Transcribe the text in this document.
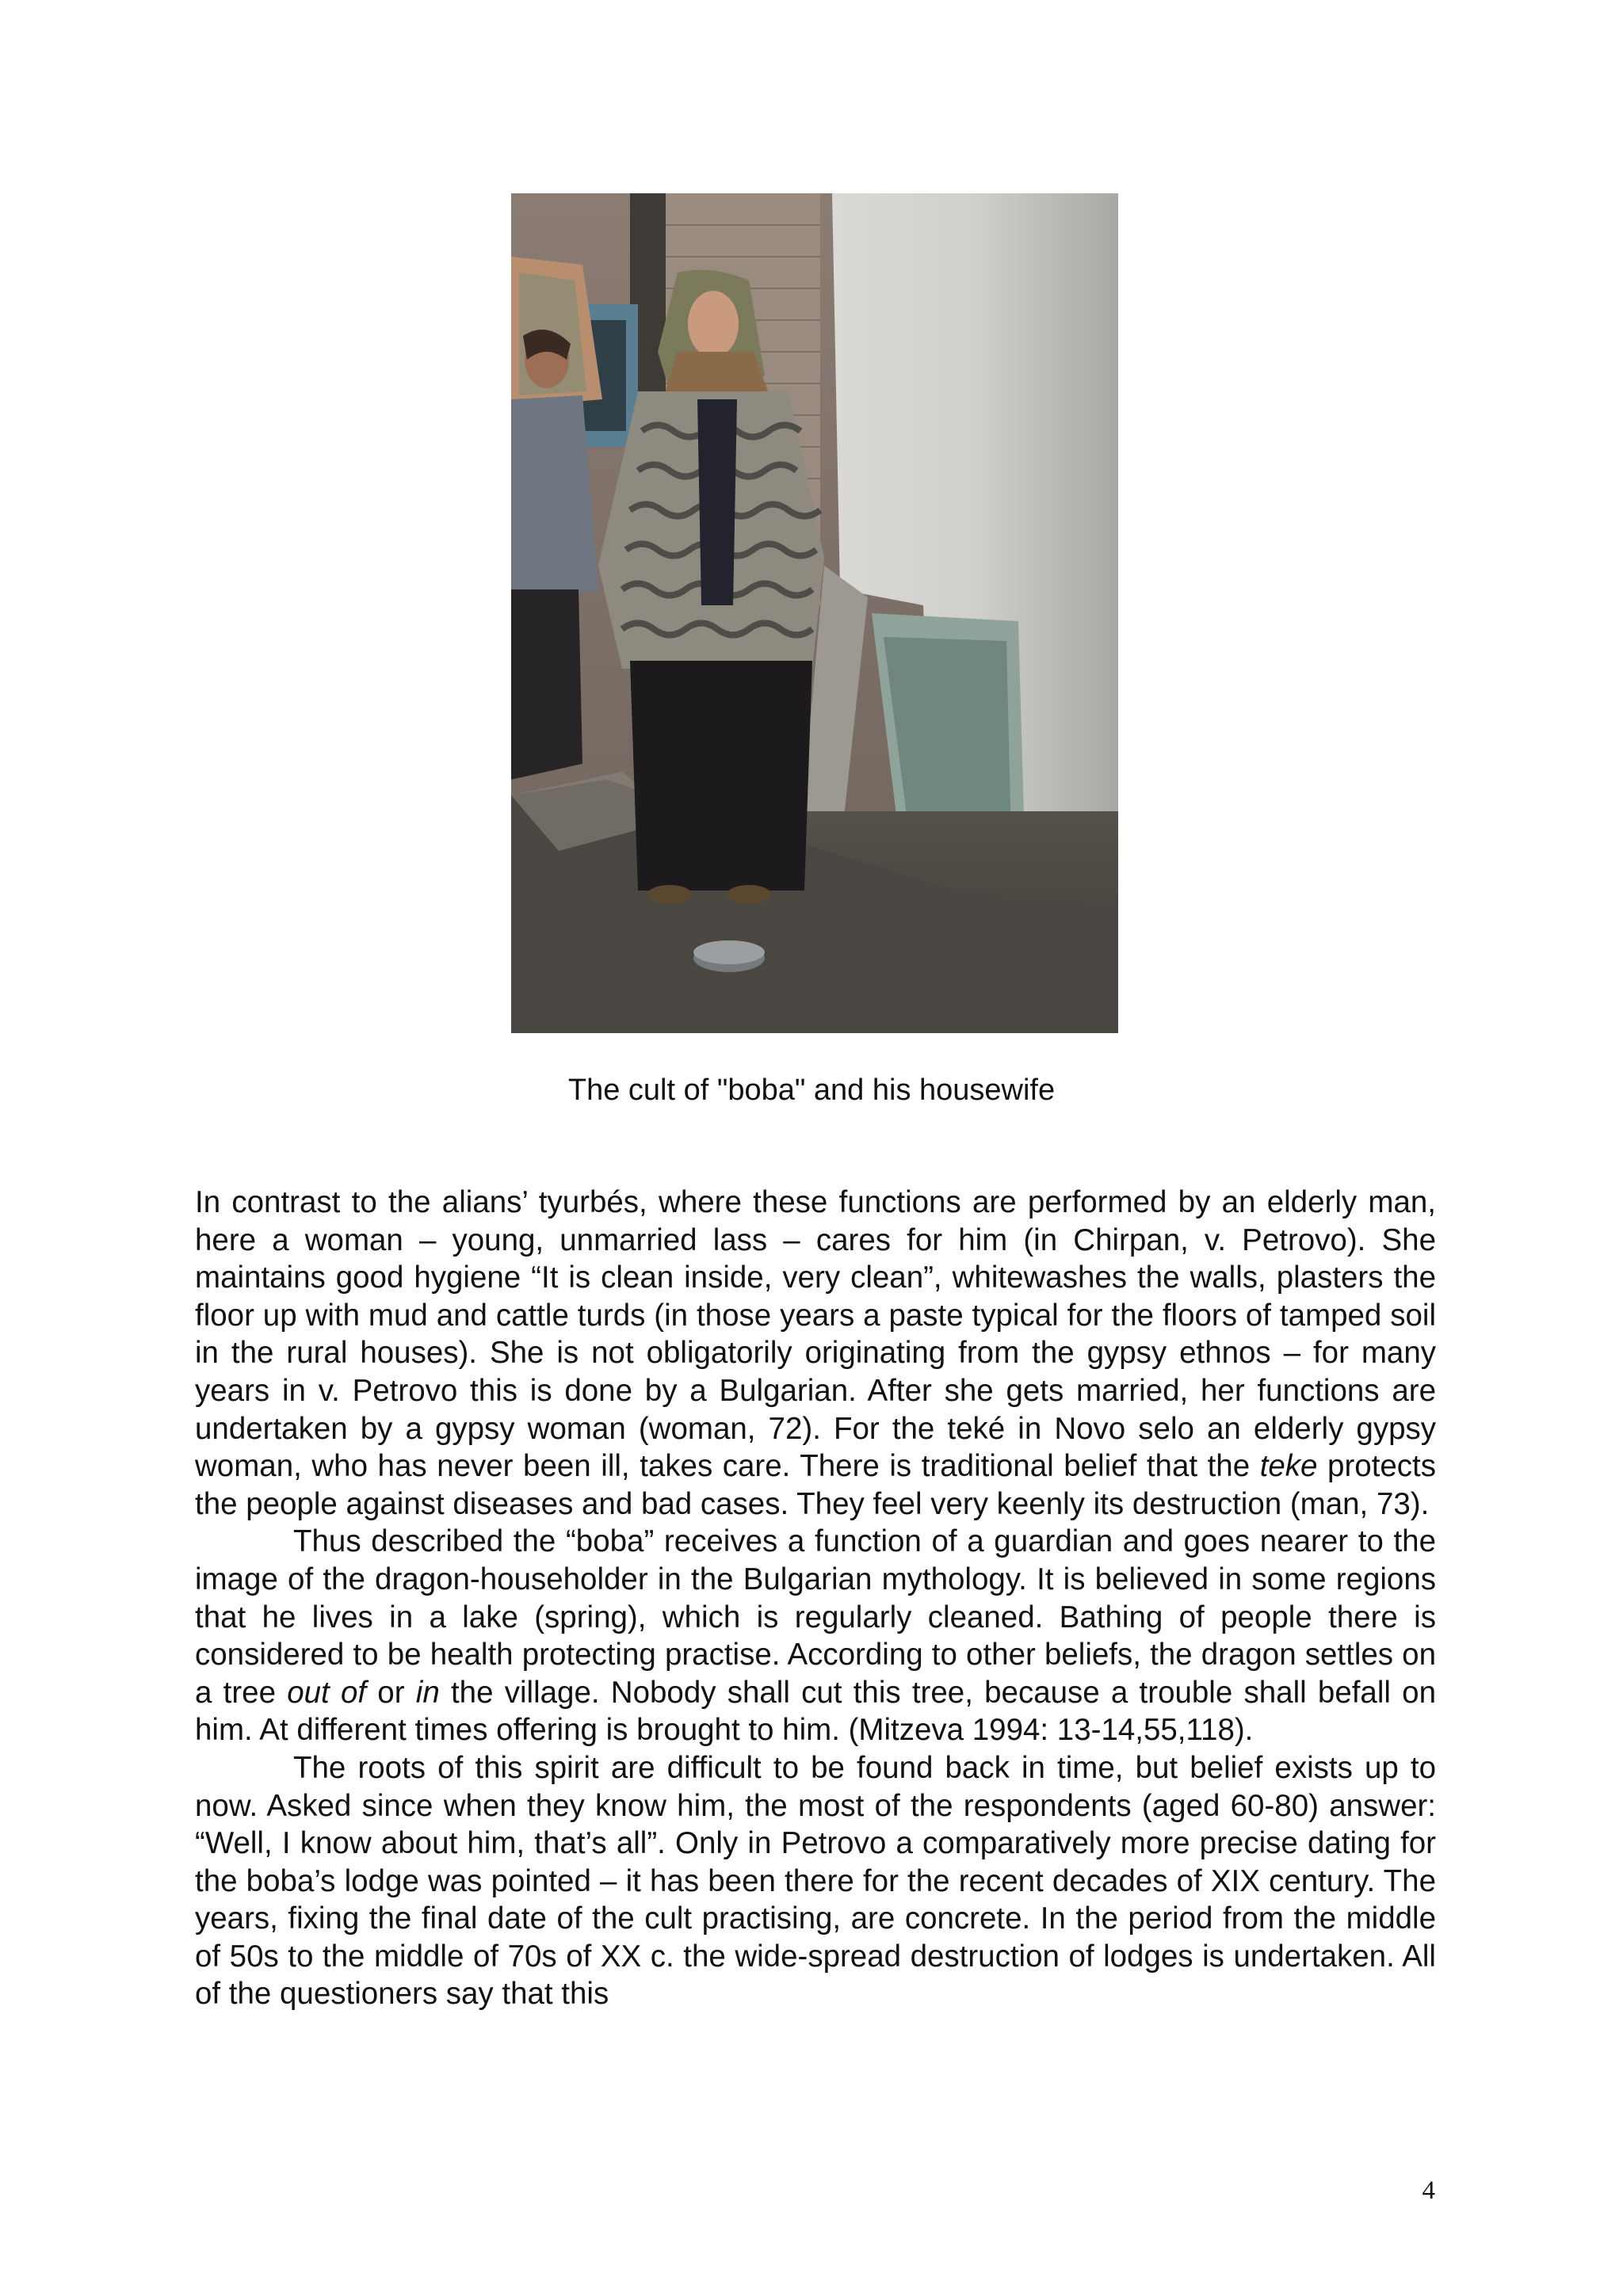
The cult of "boba" and his housewife

In contrast to the alians’ tyurbés, where these functions are performed by an elderly man, here a woman – young, unmarried lass – cares for him (in Chirpan, v. Petrovo). She maintains good hygiene “It is clean inside, very clean”, whitewashes the walls, plasters the floor up with mud and cattle turds (in those years a paste typical for the floors of tamped soil in the rural houses). She is not obligatorily originating from the gypsy ethnos – for many years in v. Petrovo this is done by a Bulgarian. After she gets married, her functions are undertaken by a gypsy woman (woman, 72). For the teké in Novo selo an elderly gypsy woman, who has never been ill, takes care. There is traditional belief that the teke protects the people against diseases and bad cases. They feel very keenly its destruction (man, 73).

Thus described the “boba” receives a function of a guardian and goes nearer to the image of the dragon-householder in the Bulgarian mythology. It is believed in some regions that he lives in a lake (spring), which is regularly cleaned. Bathing of people there is considered to be health protecting practise. According to other beliefs, the dragon settles on a tree out of or in the village. Nobody shall cut this tree, because a trouble shall befall on him. At different times offering is brought to him. (Mitzeva 1994: 13-14,55,118).

The roots of this spirit are difficult to be found back in time, but belief exists up to now. Asked since when they know him, the most of the respondents (aged 60-80) answer: “Well, I know about him, that’s all”. Only in Petrovo a comparatively more precise dating for the boba’s lodge was pointed – it has been there for the recent decades of XIX century. The years, fixing the final date of the cult practising, are concrete. In the period from the middle of 50s to the middle of 70s of XX c. the wide-spread destruction of lodges is undertaken. All of the questioners say that this

4
